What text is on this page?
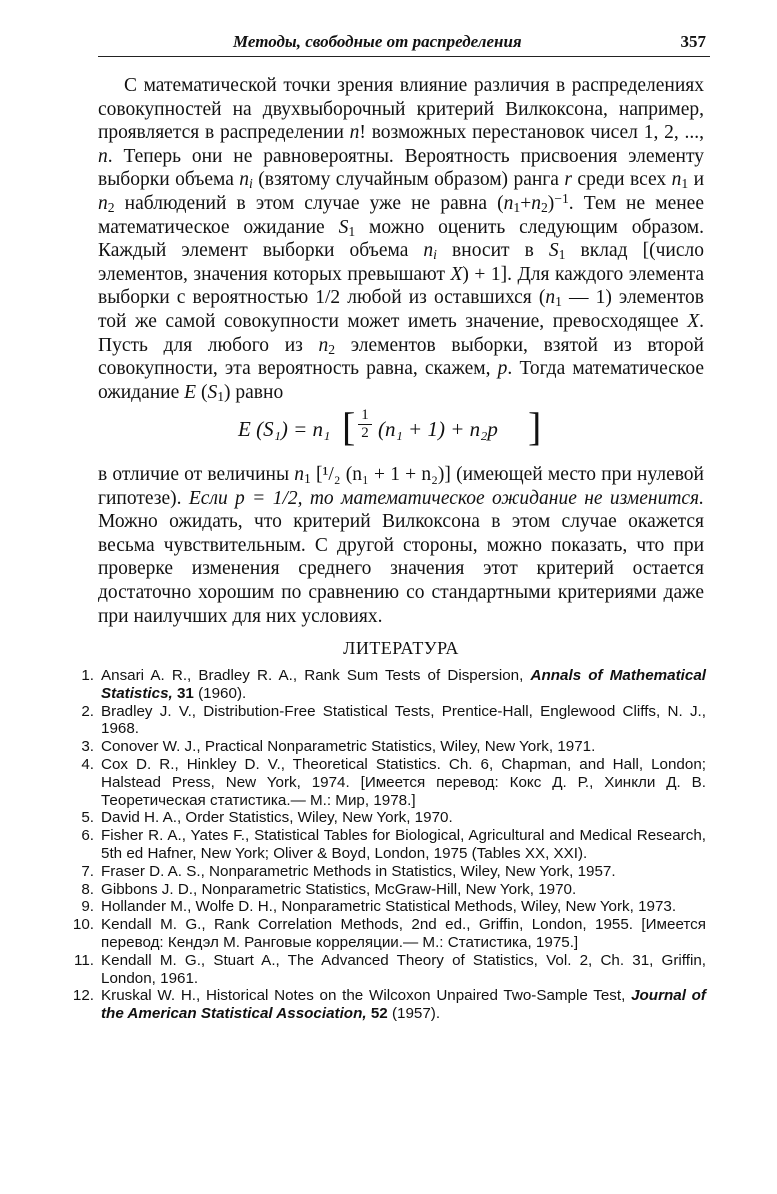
Методы, свободные от распределения	357
С математической точки зрения влияние различия в распределениях совокупностей на двухвыборочный критерий Вилкоксона, например, проявляется в распределении n! возможных перестановок чисел 1, 2, ..., n. Теперь они не равновероятны. Вероятность присвоения элементу выборки объема $n_i$ (взятому случайным образом) ранга r среди всех $n_1$ и $n_2$ наблюдений в этом случае уже не равна $(n_1+n_2)^{-1}$. Тем не менее математическое ожидание $S_1$ можно оценить следующим образом. Каждый элемент выборки объема $n_i$ вносит в $S_1$ вклад [(число элементов, значения которых превышают X) + 1]. Для каждого элемента выборки с вероятностью 1/2 любой из оставшихся ($n_1$ — 1) элементов той же самой совокупности может иметь значение, превосходящее X. Пусть для любого из $n_2$ элементов выборки, взятой из второй совокупности, эта вероятность равна, скажем, p. Тогда математическое ожидание E $(S_1)$ равно
E (S₁) = n₁ [ $\frac{1}{2} (n_1 + 1) + n_2p$ ]
в отличие от величины $n_1$ [¹/₂ (n₁ + 1 + n₂)] (имеющей место при нулевой гипотезе). Если p = 1/2, то математическое ожидание не изменится. Можно ожидать, что критерий Вилкоксона в этом случае окажется весьма чувствительным. С другой стороны, можно показать, что при проверке изменения среднего значения этот критерий остается достаточно хорошим по сравнению со стандартными критериями даже при наилучших для них условиях.
ЛИТЕРАТУРА
1. Ansari A. R., Bradley R. A., Rank Sum Tests of Dispersion, Annals of Mathematical Statistics, 31 (1960).
2. Bradley J. V., Distribution-Free Statistical Tests, Prentice-Hall, Englewood Cliffs, N. J., 1968.
3. Conover W. J., Practical Nonparametric Statistics, Wiley, New York, 1971.
4. Cox D. R., Hinkley D. V., Theoretical Statistics. Ch. 6, Chapman, and Hall, London; Halstead Press, New York, 1974. [Имеется перевод: Кокс Д. Р., Хинкли Д. В. Теоретическая статистика.— М.: Мир, 1978.]
5. David H. A., Order Statistics, Wiley, New York, 1970.
6. Fisher R. A., Yates F., Statistical Tables for Biological, Agricultural and Medical Research, 5th ed Hafner, New York; Oliver & Boyd, London, 1975 (Tables XX, XXI).
7. Fraser D. A. S., Nonparametric Methods in Statistics, Wiley, New York, 1957.
8. Gibbons J. D., Nonparametric Statistics, McGraw-Hill, New York, 1970.
9. Hollander M., Wolfe D. H., Nonparametric Statistical Methods, Wiley, New York, 1973.
10. Kendall M. G., Rank Correlation Methods, 2nd ed., Griffin, London, 1955. [Имеется перевод: Кендэл М. Ранговые корреляции.— М.: Статистика, 1975.]
11. Kendall M. G., Stuart A., The Advanced Theory of Statistics, Vol. 2, Ch. 31, Griffin, London, 1961.
12. Kruskal W. H., Historical Notes on the Wilcoxon Unpaired Two-Sample Test, Journal of the American Statistical Association, 52 (1957).
